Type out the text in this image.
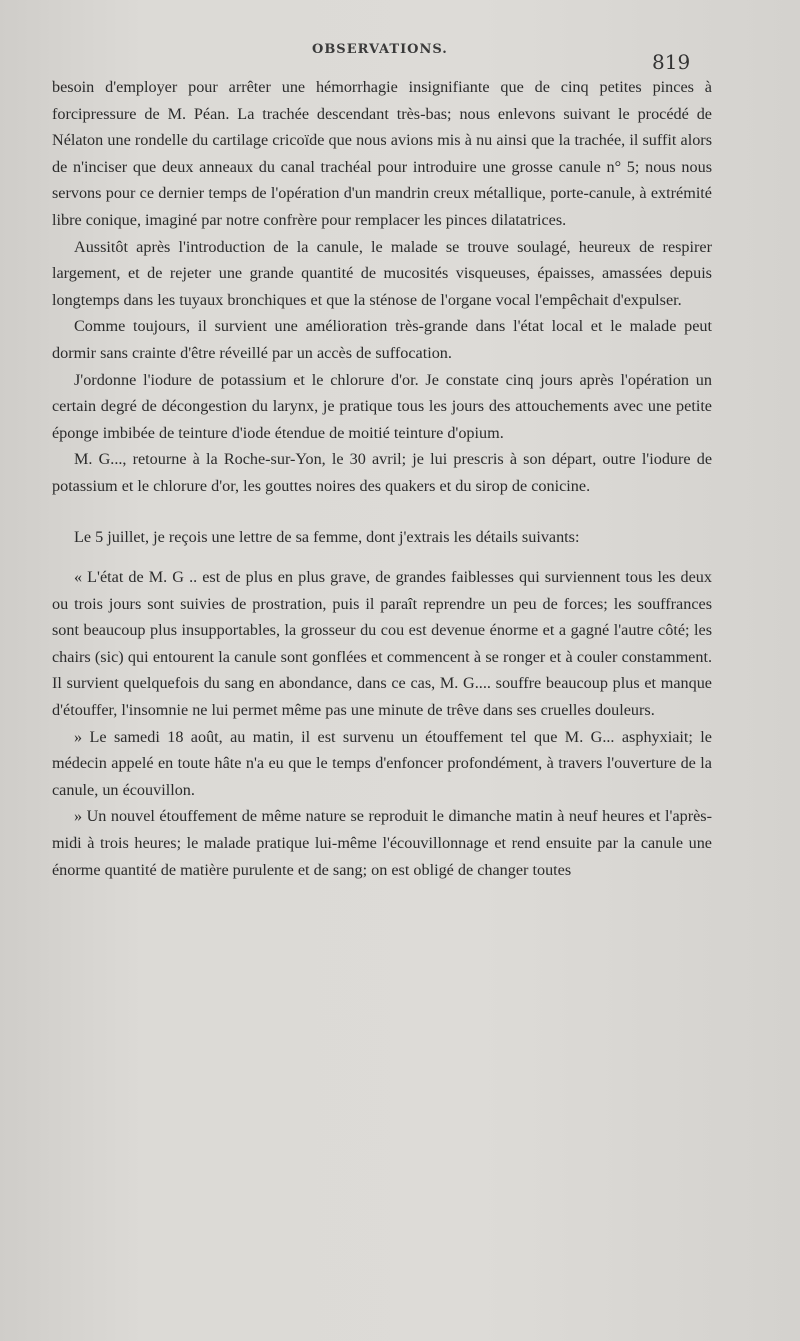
OBSERVATIONS.
819

besoin d'employer pour arrêter une hémorrhagie insignifiante que de cinq petites pinces à forcipressure de M. Péan. La trachée descendant très-bas; nous enlevons suivant le procédé de Nélaton une rondelle du cartilage cricoïde que nous avions mis à nu ainsi que la trachée, il suffit alors de n'inciser que deux anneaux du canal trachéal pour introduire une grosse canule n° 5; nous nous servons pour ce dernier temps de l'opération d'un mandrin creux métallique, porte-canule, à extrémité libre conique, imaginé par notre confrère pour remplacer les pinces dilatatrices.

Aussitôt après l'introduction de la canule, le malade se trouve soulagé, heureux de respirer largement, et de rejeter une grande quantité de mucosités visqueuses, épaisses, amassées depuis longtemps dans les tuyaux bronchiques et que la sténose de l'organe vocal l'empêchait d'expulser.

Comme toujours, il survient une amélioration très-grande dans l'état local et le malade peut dormir sans crainte d'être réveillé par un accès de suffocation.

J'ordonne l'iodure de potassium et le chlorure d'or. Je constate cinq jours après l'opération un certain degré de décongestion du larynx, je pratique tous les jours des attouchements avec une petite éponge imbibée de teinture d'iode étendue de moitié teinture d'opium.

M. G..., retourne à la Roche-sur-Yon, le 30 avril; je lui prescris à son départ, outre l'iodure de potassium et le chlorure d'or, les gouttes noires des quakers et du sirop de conicine.

Le 5 juillet, je reçois une lettre de sa femme, dont j'extrais les détails suivants:

« L'état de M. G .. est de plus en plus grave, de grandes faiblesses qui surviennent tous les deux ou trois jours sont suivies de prostration, puis il paraît reprendre un peu de forces; les souffrances sont beaucoup plus insupportables, la grosseur du cou est devenue énorme et a gagné l'autre côté; les chairs (sic) qui entourent la canule sont gonflées et commencent à se ronger et à couler constamment. Il survient quelquefois du sang en abondance, dans ce cas, M. G.... souffre beaucoup plus et manque d'étouffer, l'insomnie ne lui permet même pas une minute de trêve dans ses cruelles douleurs.

» Le samedi 18 août, au matin, il est survenu un étouffement tel que M. G... asphyxiait; le médecin appelé en toute hâte n'a eu que le temps d'enfoncer profondément, à travers l'ouverture de la canule, un écouvillon.

» Un nouvel étouffement de même nature se reproduit le dimanche matin à neuf heures et l'après-midi à trois heures; le malade pratique lui-même l'écouvillonnage et rend ensuite par la canule une énorme quantité de matière purulente et de sang; on est obligé de changer toutes
